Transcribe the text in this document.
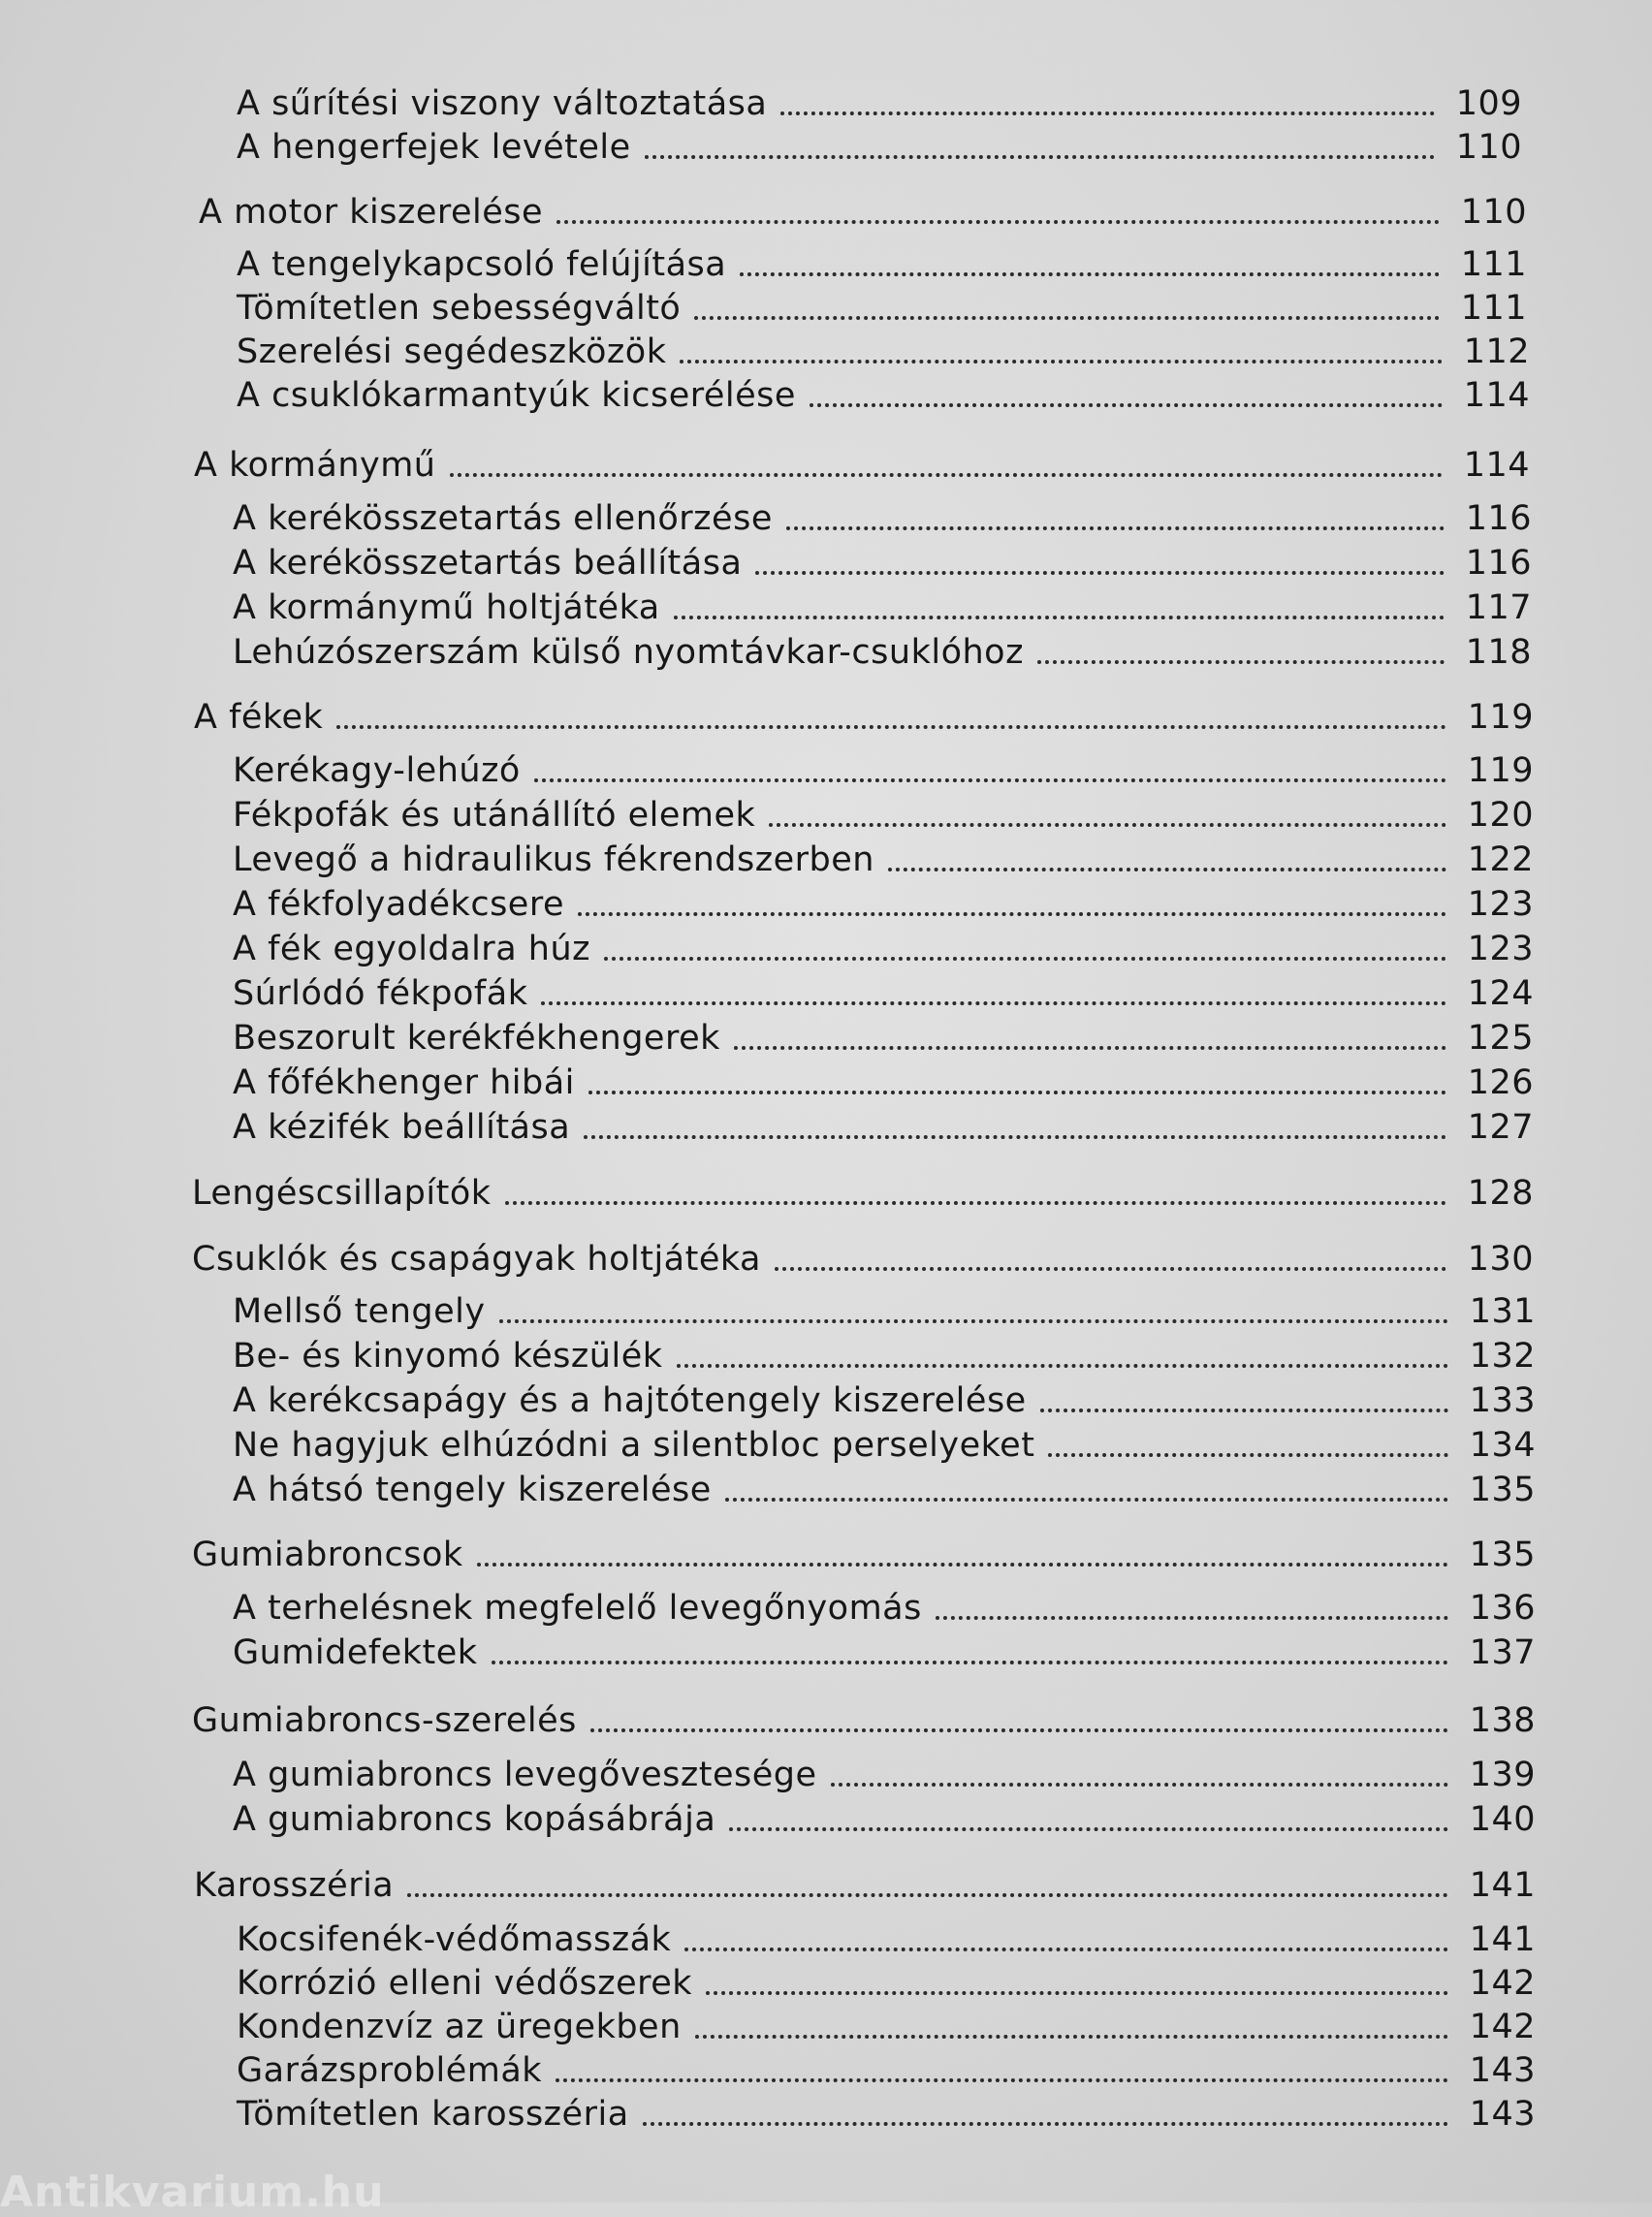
A sűrítési viszony változtatása	109
A hengerfejek levétele	110
A motor kiszerelése	110
A tengelykapcsoló felújítása	111
Tömítetlen sebességváltó	111
Szerelési segédeszközök	112
A csuklókarmantyúk kicserélése	114
A kormánymű	114
A kerékösszetartás ellenőrzése	116
A kerékösszetartás beállítása	116
A kormánymű holtjátéka	117
Lehúzószerszám külső nyomtávkar-csuklóhoz	118
A fékek	119
Kerékagy-lehúzó	119
Fékpofák és utánállító elemek	120
Levegő a hidraulikus fékrendszerben	122
A fékfolyadékcsere	123
A fék egyoldalra húz	123
Súrlódó fékpofák	124
Beszorult kerékfékhengerek	125
A főfékhenger hibái	126
A kézifék beállítása	127
Lengéscsillapítók	128
Csuklók és csapágyak holtjátéka	130
Mellső tengely	131
Be- és kinyomó készülék	132
A kerékcsapágy és a hajtótengely kiszerelése	133
Ne hagyjuk elhúzódni a silentbloc perselyeket	134
A hátsó tengely kiszerelése	135
Gumiabroncsok	135
A terhelésnek megfelelő levegőnyomás	136
Gumidefektek	137
Gumiabroncs-szerelés	138
A gumiabroncs levegővesztesége	139
A gumiabroncs kopásábrája	140
Karosszéria	141
Kocsifenék-védőmasszák	141
Korrózió elleni védőszerek	142
Kondenzvíz az üregekben	142
Garázsproblémák	143
Tömítetlen karosszéria	143
Antikvarium.hu
